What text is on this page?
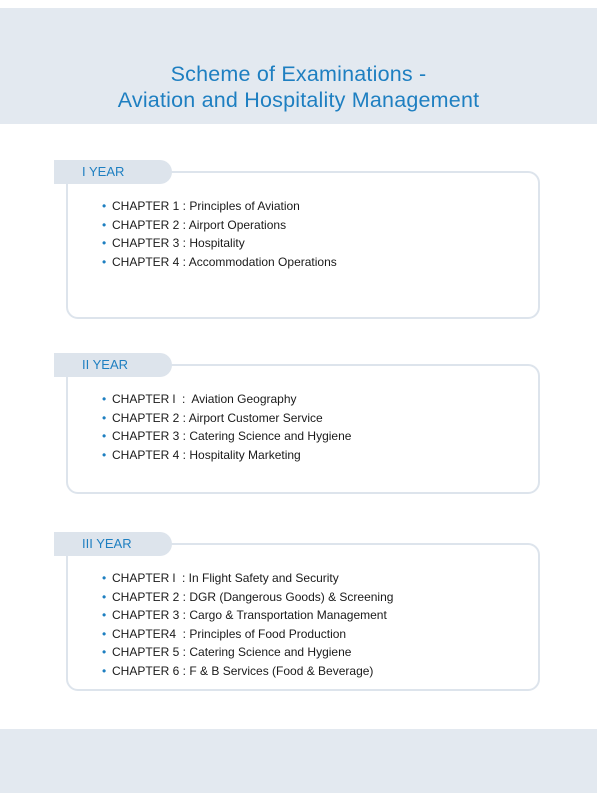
Scheme of Examinations -
Aviation and Hospitality Management
I YEAR
• CHAPTER 1 : Principles of Aviation
• CHAPTER 2 : Airport Operations
• CHAPTER 3 : Hospitality
• CHAPTER 4 : Accommodation Operations
II YEAR
• CHAPTER l  :  Aviation Geography
• CHAPTER 2 : Airport Customer Service
• CHAPTER 3 : Catering Science and Hygiene
• CHAPTER 4 : Hospitality Marketing
III YEAR
• CHAPTER l  : In Flight Safety and Security
• CHAPTER 2 : DGR (Dangerous Goods) & Screening
• CHAPTER 3 : Cargo & Transportation Management
• CHAPTER4  : Principles of Food Production
• CHAPTER 5 : Catering Science and Hygiene
• CHAPTER 6 : F & B Services (Food & Beverage)
